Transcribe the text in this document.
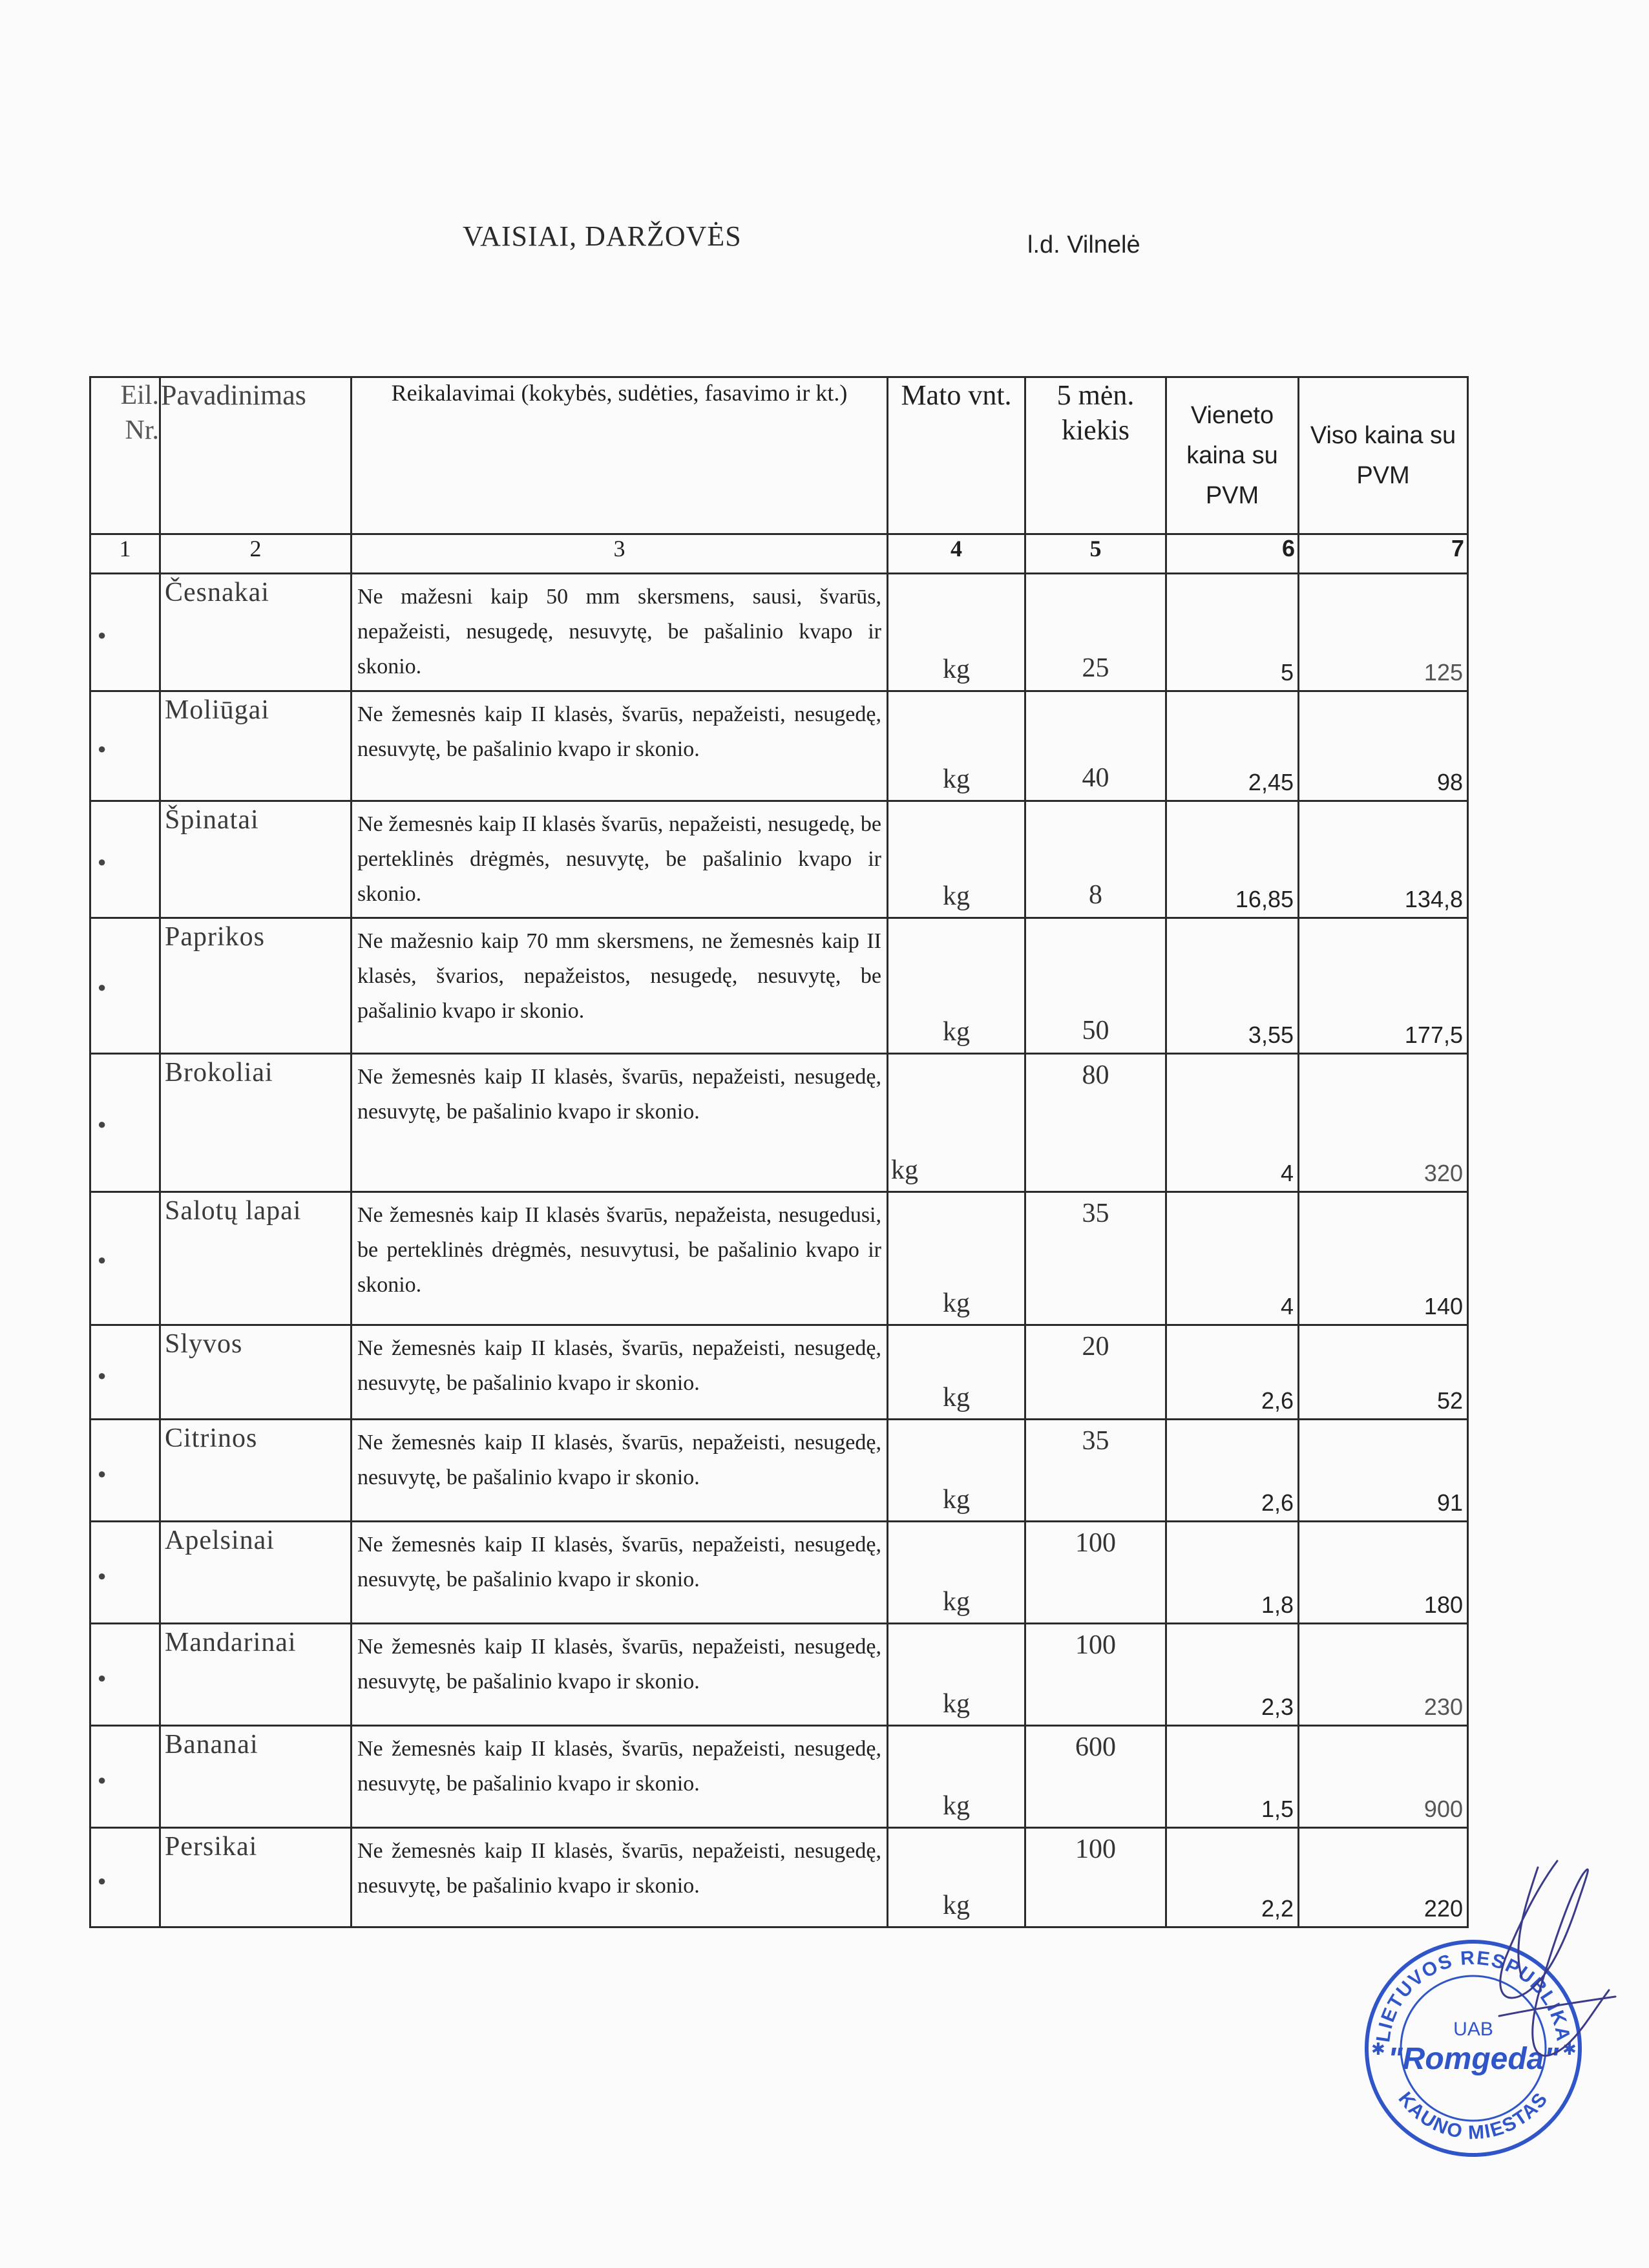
VAISIAI, DARŽOVĖS	l.d. Vilnelė
Eil.
Nr.	Pavadinimas	Reikalavimai (kokybės, sudėties, fasavimo ir kt.)	Mato vnt.	5 mėn. kiekis	Vieneto kaina su PVM	Viso kaina su PVM
1	2	3	4	5	6	7

●	Česnakai	Ne mažesni kaip 50 mm skersmens, sausi, švarūs, nepažeisti, nesugedę, nesuvytę, be pašalinio kvapo ir skonio.	kg	25	5	125

●	Moliūgai	Ne žemesnės kaip II klasės, švarūs, nepažeisti, nesugedę, nesuvytę, be pašalinio kvapo ir skonio.	kg	40	2,45	98

●	Špinatai	Ne žemesnės kaip II klasės švarūs, nepažeisti, nesugedę, be perteklinės drėgmės, nesuvytę, be pašalinio kvapo ir skonio.	kg	8	16,85	134,8

●	Paprikos	Ne mažesnio kaip 70 mm skersmens, ne žemesnės kaip II klasės, švarios, nepažeistos, nesugedę, nesuvytę, be pašalinio kvapo ir skonio.	kg	50	3,55	177,5

●	Brokoliai	Ne žemesnės kaip II klasės, švarūs, nepažeisti, nesugedę, nesuvytę, be pašalinio kvapo ir skonio.	kg	80	4	320

●	Salotų lapai	Ne žemesnės kaip II klasės švarūs, nepažeista, nesugedusi, be perteklinės drėgmės, nesuvytusi, be pašalinio kvapo ir skonio.	kg	35	4	140

●	Slyvos	Ne žemesnės kaip II klasės, švarūs, nepažeisti, nesugedę, nesuvytę, be pašalinio kvapo ir skonio.	kg	20	2,6	52

●	Citrinos	Ne žemesnės kaip II klasės, švarūs, nepažeisti, nesugedę, nesuvytę, be pašalinio kvapo ir skonio.	kg	35	2,6	91

●	Apelsinai	Ne žemesnės kaip II klasės, švarūs, nepažeisti, nesugedę, nesuvytę, be pašalinio kvapo ir skonio.	kg	100	1,8	180

●	Mandarinai	Ne žemesnės kaip II klasės, švarūs, nepažeisti, nesugedę, nesuvytę, be pašalinio kvapo ir skonio.	kg	100	2,3	230

●	Bananai	Ne žemesnės kaip II klasės, švarūs, nepažeisti, nesugedę, nesuvytę, be pašalinio kvapo ir skonio.	kg	600	1,5	900

●	Persikai	Ne žemesnės kaip II klasės, švarūs, nepažeisti, nesugedę, nesuvytę, be pašalinio kvapo ir skonio.	kg	100	2,2	220
LIETUVOS RESPUBLIKA
KAUNO MIESTAS
UAB
"Romgeda"
✱	✱
